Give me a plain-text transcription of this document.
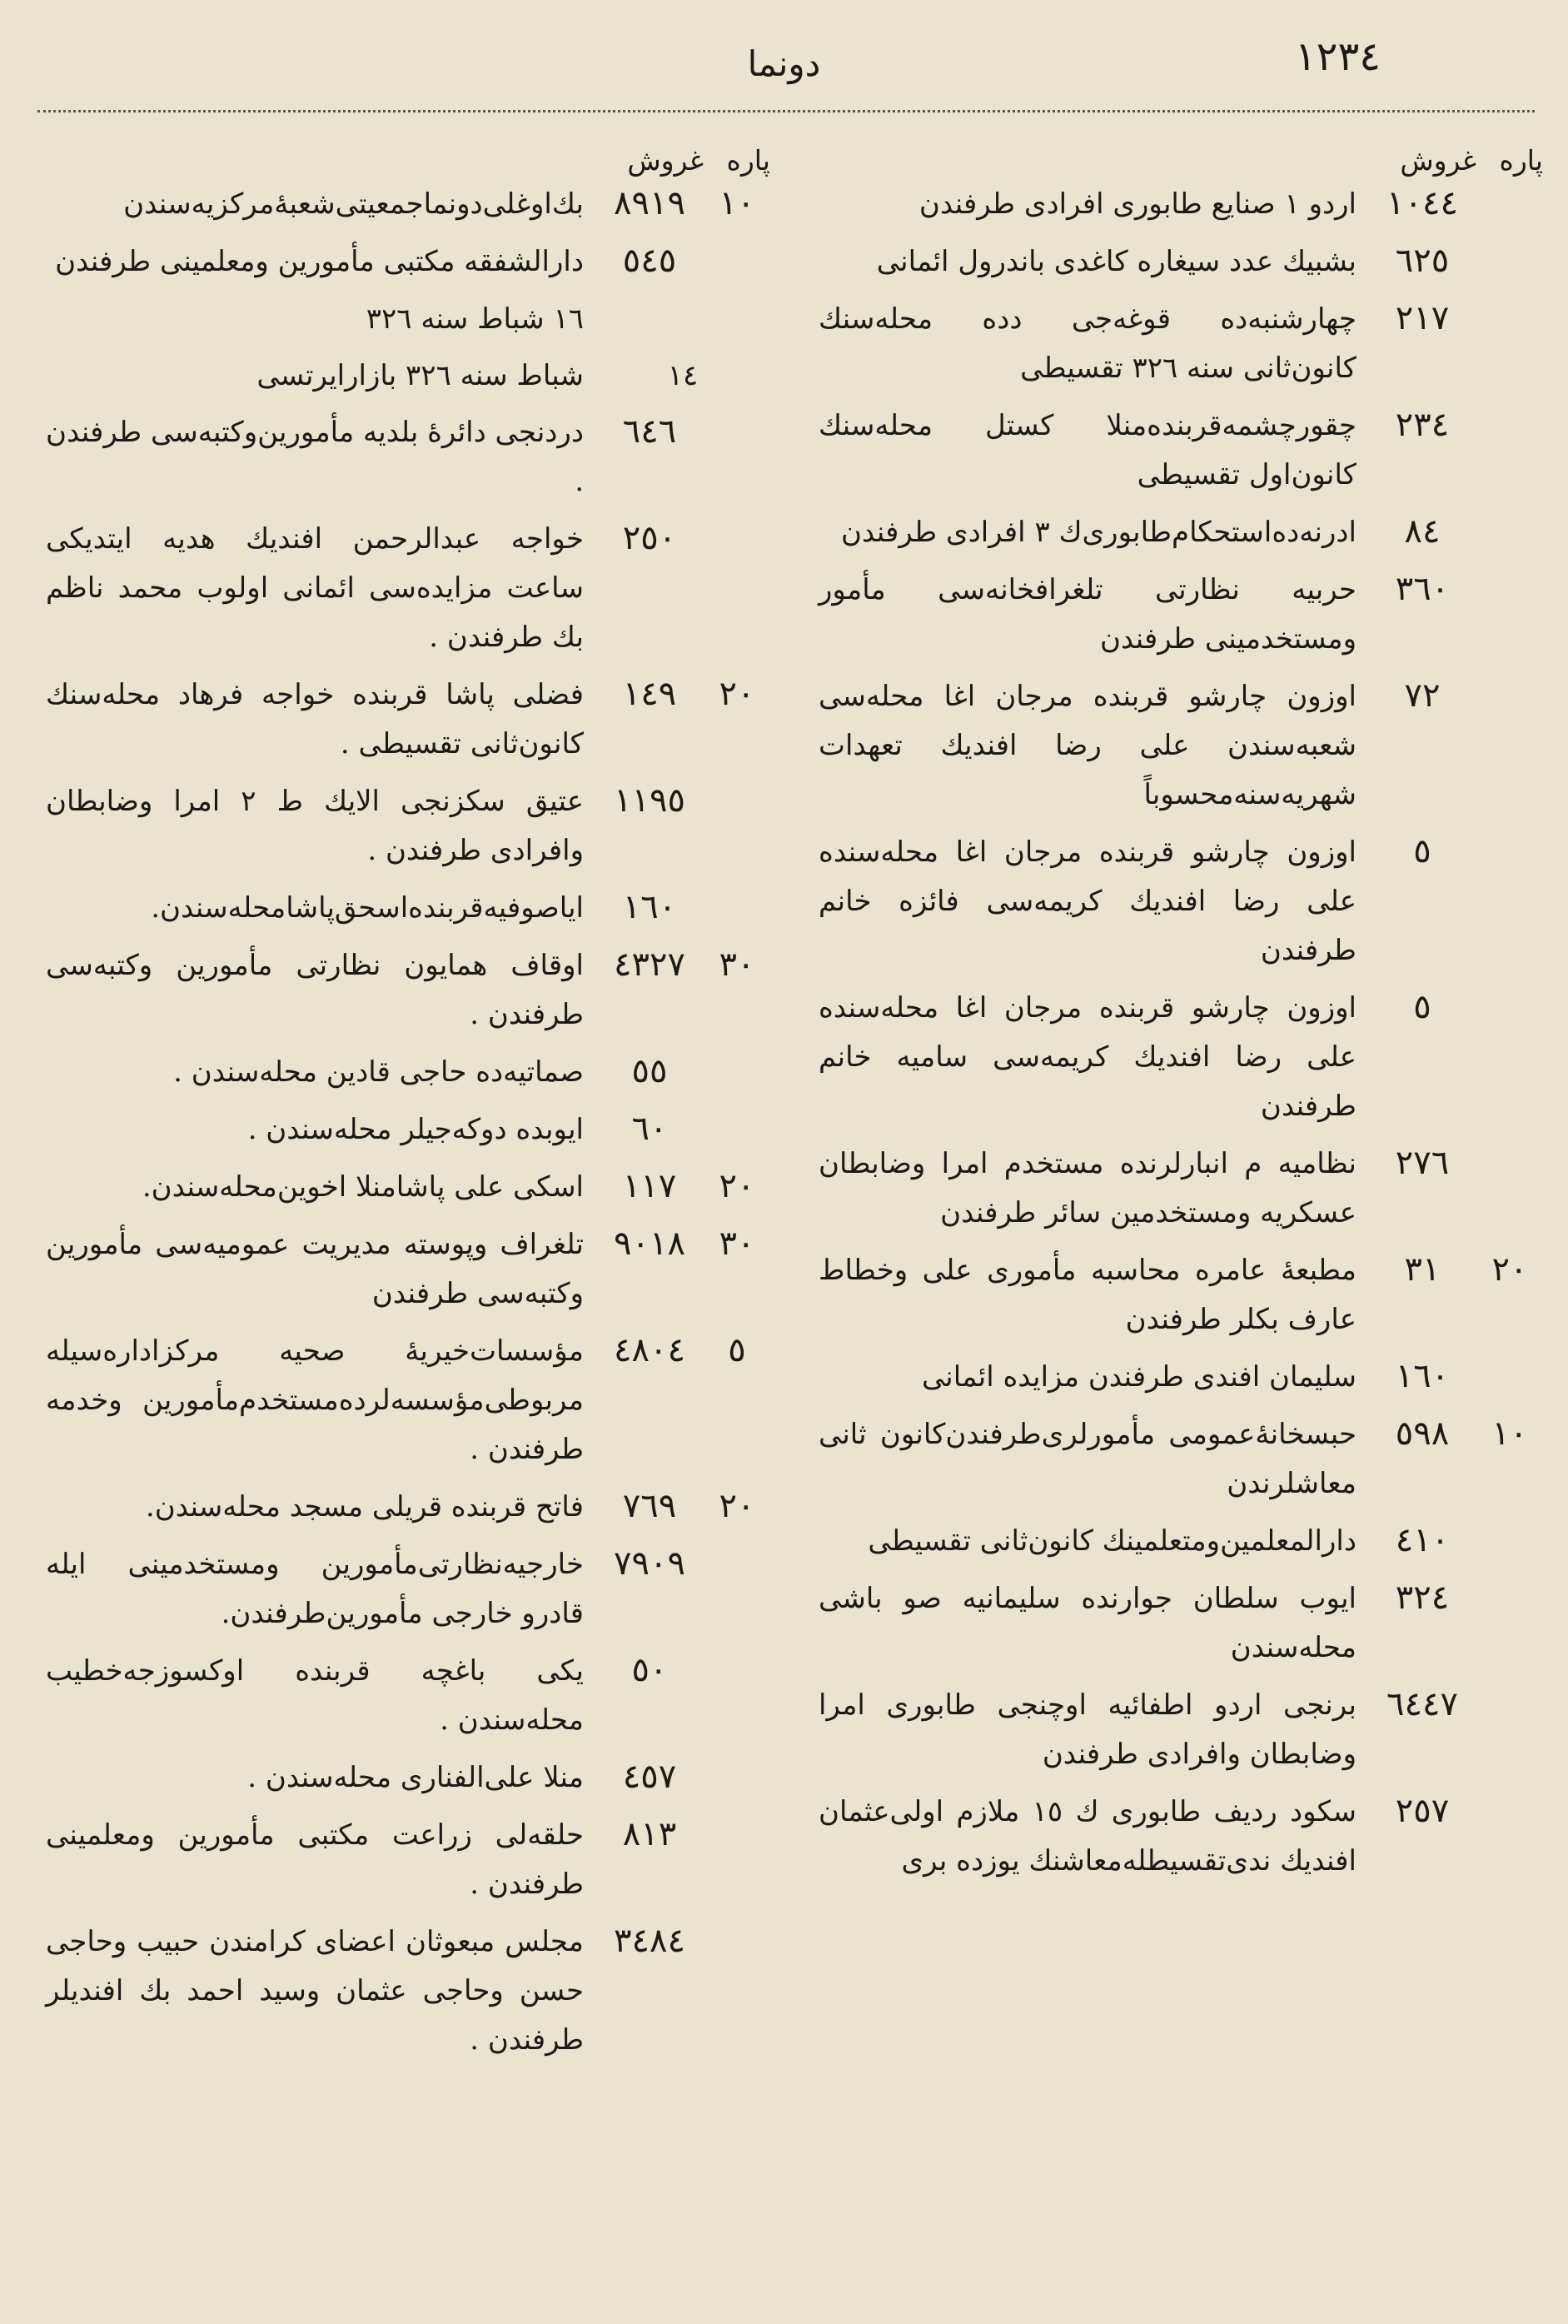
١٢٣٤
دونما
پاره
غروش
١٠٤٤
اردو ١ صنايع طابوری افرادی طرفندن
٦٢٥
بشبيك عدد سيغاره كاغدی باندرول ائمانی
٢١٧
چهارشنبه‌ده قوغه‌جی دده محله‌سنك كانون‌ثانی سنه ٣٢٦ تقسيطی
٢٣٤
چقورچشمه‌قربنده‌منلا كستل محله‌سنك كانون‌اول تقسيطی
٨٤
ادرنه‌ده‌استحكام‌طابوری‌ك ٣ افرادی طرفندن
٣٦٠
حربيه نظارتی تلغرافخانه‌سی مأمور ومستخدمينی طرفندن
٧٢
اوزون چارشو قربنده مرجان اغا محله‌سی شعبه‌سندن علی رضا افنديك تعهدات شهريه‌سنه‌محسوباً
٥
اوزون چارشو قربنده مرجان اغا محله‌سنده علی رضا افنديك كريمه‌سی فائزه خانم طرفندن
٥
اوزون چارشو قربنده مرجان اغا محله‌سنده علی رضا افنديك كريمه‌سی ساميه خانم طرفندن
٢٧٦
نظاميه م انبارلرنده مستخدم امرا وضابطان عسكريه ومستخدمين سائر طرفندن
٢٠
٣١
مطبعهٔ عامره محاسبه مأموری علی وخطاط عارف بكلر طرفندن
١٦٠
سليمان افندی طرفندن مزايده ائمانی
١٠
٥٩٨
حبسخانهٔ‌عمومی مأمورلری‌طرفندن‌كانون ثانی معاشلرندن
٤١٠
دارالمعلمين‌ومتعلمينك كانون‌ثانی تقسيطی
٣٢٤
ايوب سلطان جوارنده سليمانيه صو باشی محله‌سندن
٦٤٤٧
برنجی اردو اطفائيه اوچنجی طابوری امرا وضابطان وافرادی طرفندن
٢٥٧
سكود رديف طابوری ك ١٥ ملازم اولی‌عثمان افنديك ندی‌تقسيطله‌معاشنك يوزده بری
پاره
غروش
١٠
٨٩١٩
بك‌اوغلی‌دونما‌جمعيتی‌شعبهٔ‌مركزيه‌سندن
٥٤٥
دارالشفقه مكتبی مأمورين ومعلمينی طرفندن
١٦ شباط سنه ٣٢٦
١٤
شباط سنه ٣٢٦ بازارايرتسی
٦٤٦
دردنجی دائرهٔ بلديه مأمورين‌وكتبه‌سی طرفندن .
٢٥٠
خواجه عبدالرحمن افنديك هديه ايتديكی ساعت مزايده‌سی ائمانی اولوب محمد ناظم بك طرفندن .
٢٠
١٤٩
فضلی پاشا قربنده خواجه فرهاد محله‌سنك كانون‌ثانی تقسيطی .
١١٩٥
عتيق سكزنجی الايك ط ٢ امرا وضابطان وافرادی طرفندن .
١٦٠
اياصوفيه‌قربنده‌اسحق‌پاشامحله‌سندن.
٣٠
٤٣٢٧
اوقاف همايون نظارتی مأمورين وكتبه‌سی طرفندن .
٥٥
صماتيه‌ده حاجی قادين محله‌سندن .
٦٠
ايوبده دوكه‌جيلر محله‌سندن .
٢٠
١١٧
اسكی علی پاشامنلا اخوين‌محله‌سندن.
٣٠
٩٠١٨
تلغراف وپوسته مديريت عموميه‌سی مأمورين وكتبه‌سی طرفندن
٥
٤٨٠٤
مؤسسات‌خيريهٔ صحيه مركزاداره‌سيله مربوطی‌مؤسسه‌لرده‌مستخدم‌مأمورين وخدمه طرفندن .
٢٠
٧٦٩
فاتح قربنده قريلی مسجد محله‌سندن.
٧٩٠٩
خارجيه‌نظارتی‌مأمورين ومستخدمينی ايله قادرو خارجی مأمورين‌طرفندن.
٥٠
يكی باغچه قربنده اوكسوزجه‌خطيب محله‌سندن .
٤٥٧
منلا علی‌الفناری محله‌سندن .
٨١٣
حلقه‌لی زراعت مكتبی مأمورين ومعلمينی طرفندن .
٣٤٨٤
مجلس مبعوثان اعضای كرامندن حبيب وحاجی حسن وحاجی عثمان وسيد احمد بك افنديلر طرفندن .
